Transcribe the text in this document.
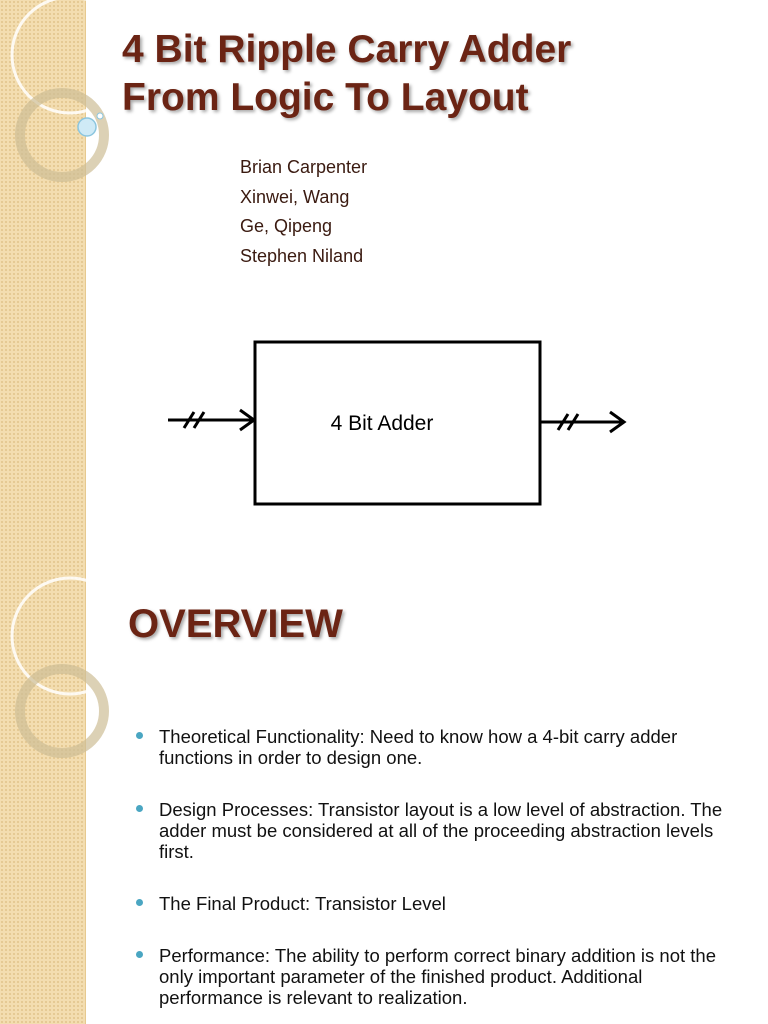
4 Bit Ripple Carry Adder
From Logic To Layout
Brian Carpenter
Xinwei, Wang
Ge, Qipeng
Stephen Niland
4 Bit Adder
OVERVIEW
Theoretical Functionality: Need to know how a 4-bit carry adder functions in order to design one.
Design Processes: Transistor layout is a low level of abstraction. The adder must be considered at all of the proceeding abstraction levels first.
The Final Product: Transistor Level
Performance: The ability to perform correct binary addition is not the only important parameter of the finished product. Additional performance is relevant to realization.
